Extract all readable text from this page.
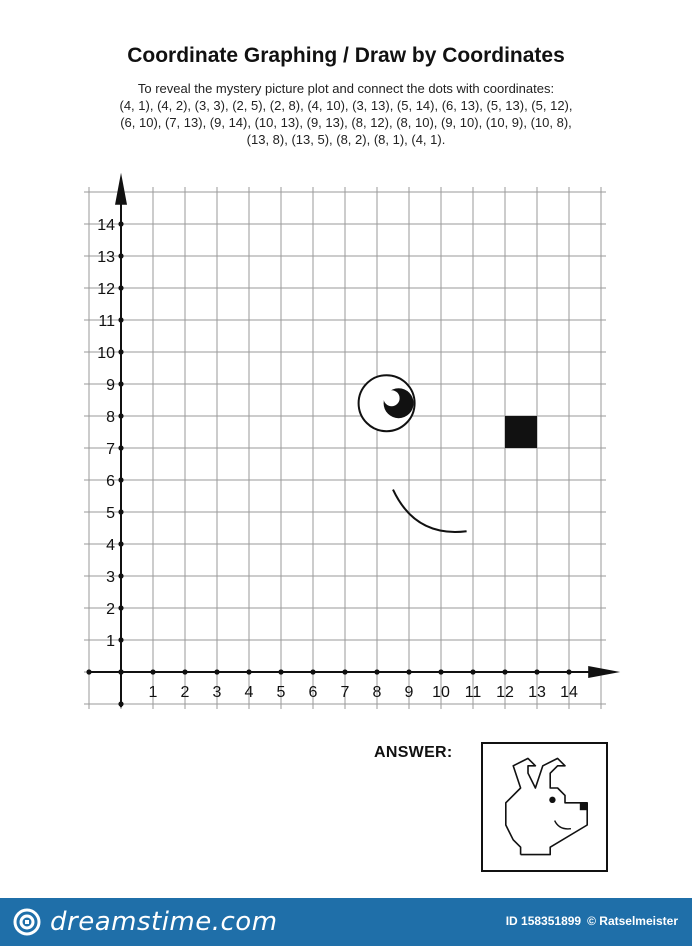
Coordinate Graphing / Draw by Coordinates
To reveal the mystery picture plot and connect the dots with coordinates:
(4, 1), (4, 2), (3, 3), (2, 5), (2, 8), (4, 10), (3, 13), (5, 14), (6, 13), (5, 13), (5, 12),
(6, 10), (7, 13), (9, 14), (10, 13), (9, 13), (8, 12), (8, 10), (9, 10), (10, 9), (10, 8),
(13, 8), (13, 5), (8, 2), (8, 1), (4, 1).
1 2 3 4 5 6 7 8 9 10 11 12 13 14
1
2
3
4
5
6
7
8
9
10
11
12
13
14
ANSWER:
dreamstime.com	ID 158351899 © Ratselmeister
